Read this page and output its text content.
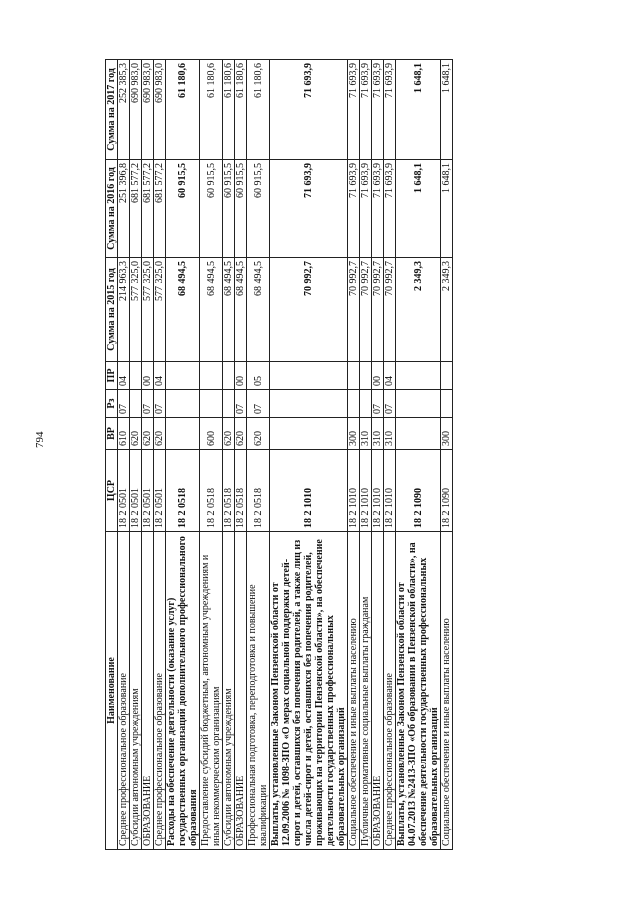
794
Наименование	ЦСР	ВР	Рз	ПР	Сумма на 2015 год	Сумма на 2016 год	Сумма на 2017 год
Среднее профессиональное образование	18 2 0501	610	07	04	214 963,3	251 396,8	252 385,3
Субсидии автономным учреждениям	18 2 0501	620			577 325,0	681 577,2	690 983,0
ОБРАЗОВАНИЕ	18 2 0501	620	07	00	577 325,0	681 577,2	690 983,0
Среднее профессиональное образование	18 2 0501	620	07	04	577 325,0	681 577,2	690 983,0
Расходы на обеспечение деятельности (оказание услуг) государственных организаций дополнительного профессионального образования	18 2 0518				68 494,5	60 915,5	61 180,6
Предоставление субсидий бюджетным, автономным учреждениям и иным некоммерческим организациям	18 2 0518	600			68 494,5	60 915,5	61 180,6
Субсидии автономным учреждениям	18 2 0518	620			68 494,5	60 915,5	61 180,6
ОБРАЗОВАНИЕ	18 2 0518	620	07	00	68 494,5	60 915,5	61 180,6
Профессиональная подготовка, переподготовка и повышение квалификации	18 2 0518	620	07	05	68 494,5	60 915,5	61 180,6
Выплаты, установленные Законом Пензенской области от 12.09.2006 № 1098-ЗПО «О мерах социальной поддержки детей-сирот и детей, оставшихся без попечения родителей, а также лиц из числа детей-сирот и детей, оставшихся без попечения родителей, проживающих на территории Пензенской области», на обеспечение деятельности государственных профессиональных образовательных организаций	18 2 1010				70 992,7	71 693,9	71 693,9
Социальное обеспечение и иные выплаты населению	18 2 1010	300			70 992,7	71 693,9	71 693,9
Публичные нормативные социальные выплаты гражданам	18 2 1010	310			70 992,7	71 693,9	71 693,9
ОБРАЗОВАНИЕ	18 2 1010	310	07	00	70 992,7	71 693,9	71 693,9
Среднее профессиональное образование	18 2 1010	310	07	04	70 992,7	71 693,9	71 693,9
Выплаты, установленные Законом Пензенской области от 04.07.2013 №2413-ЗПО «Об образовании в Пензенской области», на обеспечение деятельности государственных профессиональных образовательных организаций	18 2 1090				2 349,3	1 648,1	1 648,1
Социальное обеспечение и иные выплаты населению	18 2 1090	300			2 349,3	1 648,1	1 648,1
